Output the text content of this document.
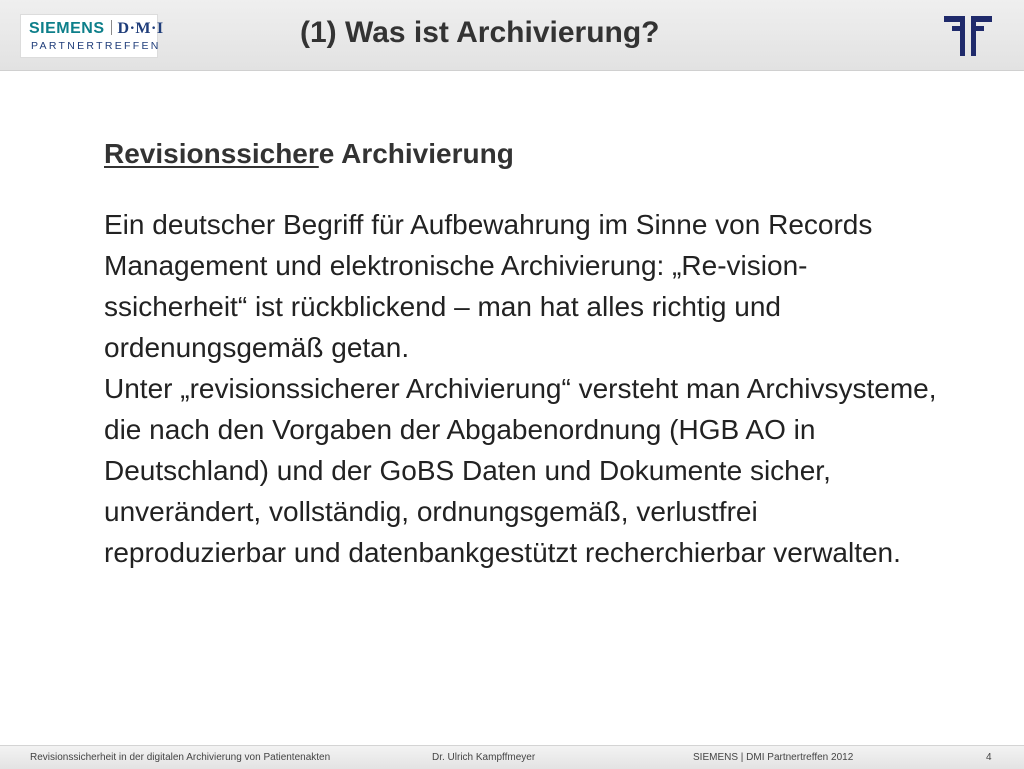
SIEMENS D·M·I
PARTNERTREFFEN	(1) Was ist Archivierung?
Revisionssichere Archivierung
Ein deutscher Begriff für Aufbewahrung im Sinne von Records Management und elektronische Archivierung: „Re-vision-ssicherheit“ ist rückblickend – man hat alles richtig und ordenungsgemäß getan.
Unter „revisionssicherer Archivierung“ versteht man Archivsysteme, die nach den Vorgaben der Abgabenordnung (HGB AO in Deutschland) und der GoBS Daten und Dokumente sicher, unverändert, vollständig, ordnungsgemäß, verlustfrei reproduzierbar und datenbankgestützt recherchierbar verwalten.
Revisionssicherheit in der digitalen Archivierung von Patientenakten	Dr. Ulrich Kampffmeyer	SIEMENS | DMI Partnertreffen 2012	4
